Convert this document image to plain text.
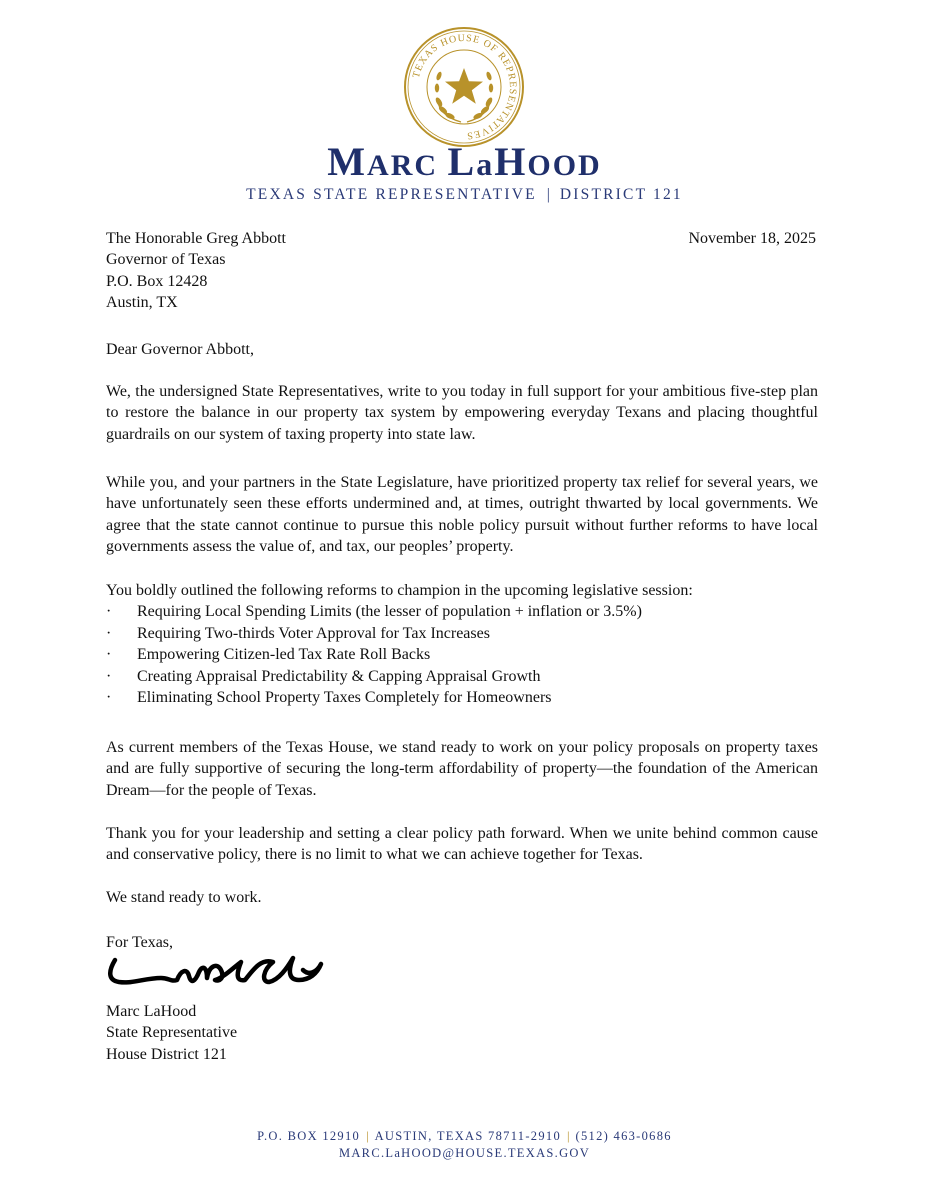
TEXAS HOUSE OF REPRESENTATIVES
MARC LaHOOD
TEXAS STATE REPRESENTATIVE | DISTRICT 121
The Honorable Greg Abbott
Governor of Texas
P.O. Box 12428
Austin, TX
November 18, 2025
Dear Governor Abbott,
We, the undersigned State Representatives, write to you today in full support for your ambitious five-step plan to restore the balance in our property tax system by empowering everyday Texans and placing thoughtful guardrails on our system of taxing property into state law.
While you, and your partners in the State Legislature, have prioritized property tax relief for several years, we have unfortunately seen these efforts undermined and, at times, outright thwarted by local governments. We agree that the state cannot continue to pursue this noble policy pursuit without further reforms to have local governments assess the value of, and tax, our peoples’ property.
You boldly outlined the following reforms to champion in the upcoming legislative session:
· Requiring Local Spending Limits (the lesser of population + inflation or 3.5%)
· Requiring Two-thirds Voter Approval for Tax Increases
· Empowering Citizen-led Tax Rate Roll Backs
· Creating Appraisal Predictability & Capping Appraisal Growth
· Eliminating School Property Taxes Completely for Homeowners
As current members of the Texas House, we stand ready to work on your policy proposals on property taxes and are fully supportive of securing the long-term affordability of property—the foundation of the American Dream—for the people of Texas.
Thank you for your leadership and setting a clear policy path forward. When we unite behind common cause and conservative policy, there is no limit to what we can achieve together for Texas.
We stand ready to work.
For Texas,
Marc LaHood
State Representative
House District 121
P.O. BOX 12910 | AUSTIN, TEXAS 78711-2910 | (512) 463-0686
MARC.LaHOOD@HOUSE.TEXAS.GOV
